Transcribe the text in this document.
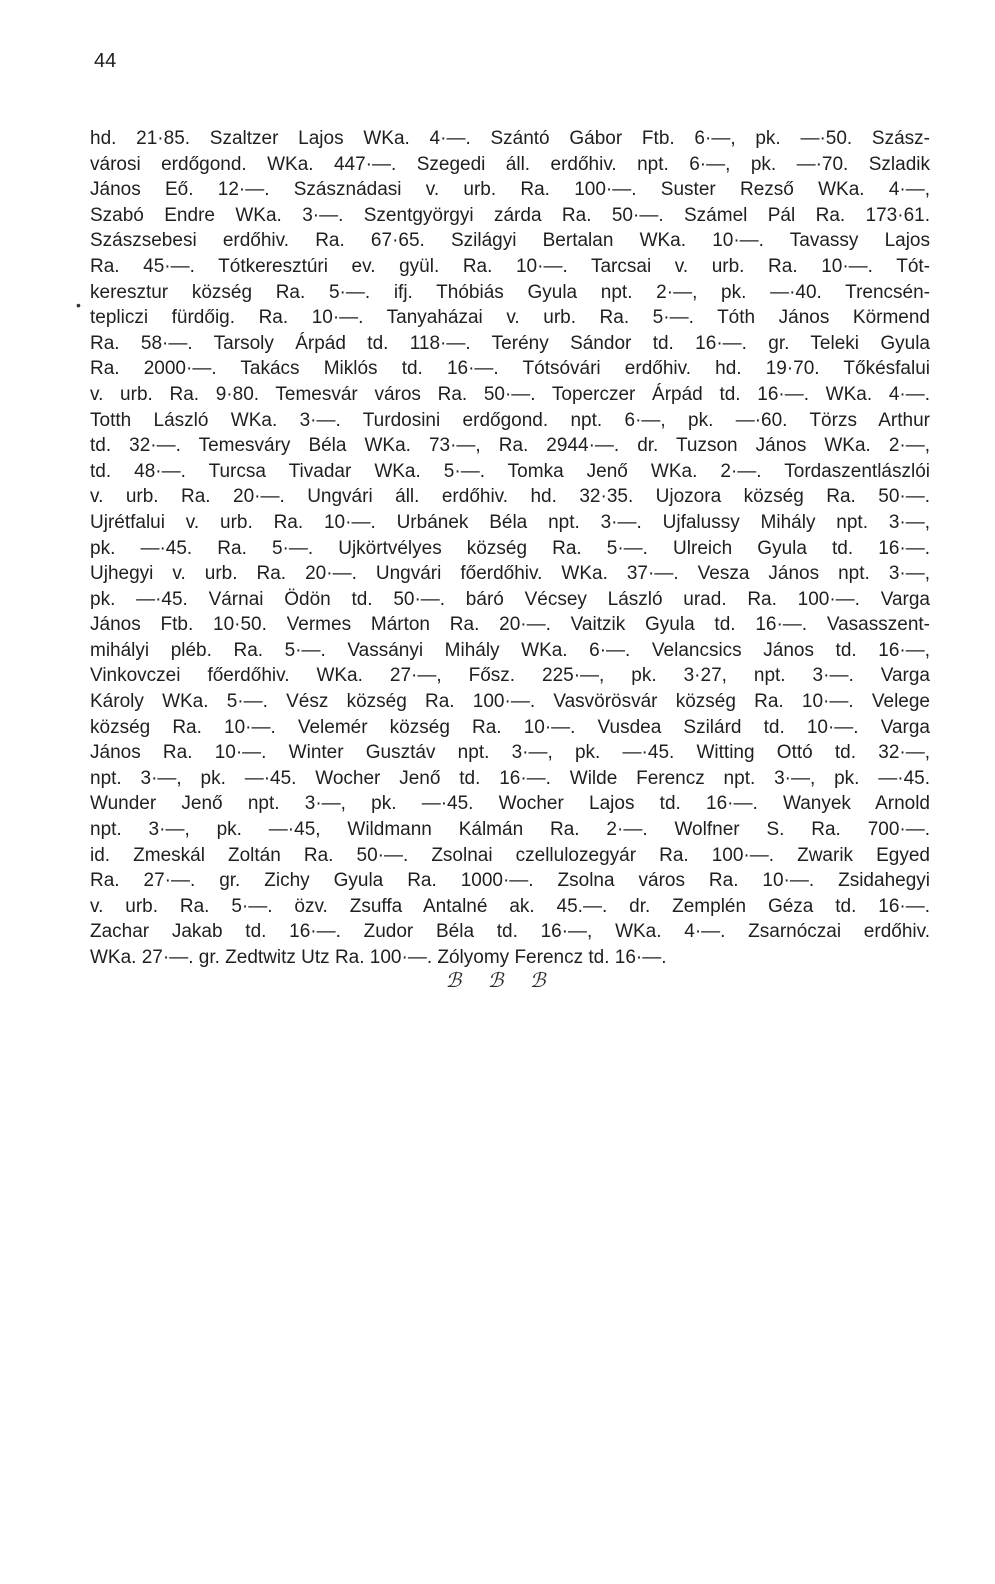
44
•
hd. 21·85. Szaltzer Lajos WKa. 4·—. Szántó Gábor Ftb. 6·—, pk. —·50. Szász-
városi erdőgond. WKa. 447·—. Szegedi áll. erdőhiv. npt. 6·—, pk. —·70. Szladik
János Eő. 12·—. Szásznádasi v. urb. Ra. 100·—. Suster Rezső WKa. 4·—,
Szabó Endre WKa. 3·—. Szentgyörgyi zárda Ra. 50·—. Számel Pál Ra. 173·61.
Szászsebesi erdőhiv. Ra. 67·65. Szilágyi Bertalan WKa. 10·—. Tavassy Lajos
Ra. 45·—. Tótkeresztúri ev. gyül. Ra. 10·—. Tarcsai v. urb. Ra. 10·—. Tót-
keresztur község Ra. 5·—. ifj. Thóbiás Gyula npt. 2·—, pk. —·40. Trencsén-
tepliczi fürdőig. Ra. 10·—. Tanyaházai v. urb. Ra. 5·—. Tóth János Körmend
Ra. 58·—. Tarsoly Árpád td. 118·—. Terény Sándor td. 16·—. gr. Teleki Gyula
Ra. 2000·—. Takács Miklós td. 16·—. Tótsóvári erdőhiv. hd. 19·70. Tőkésfalui
v. urb. Ra. 9·80. Temesvár város Ra. 50·—. Toperczer Árpád td. 16·—. WKa. 4·—.
Totth László WKa. 3·—. Turdosini erdőgond. npt. 6·—, pk. —·60. Törzs Arthur
td. 32·—. Temesváry Béla WKa. 73·—, Ra. 2944·—. dr. Tuzson János WKa. 2·—,
td. 48·—. Turcsa Tivadar WKa. 5·—. Tomka Jenő WKa. 2·—. Tordaszentlászlói
v. urb. Ra. 20·—. Ungvári áll. erdőhiv. hd. 32·35. Ujozora község Ra. 50·—.
Ujrétfalui v. urb. Ra. 10·—. Urbánek Béla npt. 3·—. Ujfalussy Mihály npt. 3·—,
pk. —·45. Ra. 5·—. Ujkörtvélyes község Ra. 5·—. Ulreich Gyula td. 16·—.
Ujhegyi v. urb. Ra. 20·—. Ungvári főerdőhiv. WKa. 37·—. Vesza János npt. 3·—,
pk. —·45. Várnai Ödön td. 50·—. báró Vécsey László urad. Ra. 100·—. Varga
János Ftb. 10·50. Vermes Márton Ra. 20·—. Vaitzik Gyula td. 16·—. Vasasszent-
mihályi pléb. Ra. 5·—. Vassányi Mihály WKa. 6·—. Velancsics János td. 16·—,
Vinkovczei főerdőhiv. WKa. 27·—, Fősz. 225·—, pk. 3·27, npt. 3·—. Varga
Károly WKa. 5·—. Vész község Ra. 100·—. Vasvörösvár község Ra. 10·—. Velege
község Ra. 10·—. Velemér község Ra. 10·—. Vusdea Szilárd td. 10·—. Varga
János Ra. 10·—. Winter Gusztáv npt. 3·—, pk. —·45. Witting Ottó td. 32·—,
npt. 3·—, pk. —·45. Wocher Jenő td. 16·—. Wilde Ferencz npt. 3·—, pk. —·45.
Wunder Jenő npt. 3·—, pk. —·45. Wocher Lajos td. 16·—. Wanyek Arnold
npt. 3·—, pk. —·45, Wildmann Kálmán Ra. 2·—. Wolfner S. Ra. 700·—.
id. Zmeskál Zoltán Ra. 50·—. Zsolnai czellulozegyár Ra. 100·—. Zwarik Egyed
Ra. 27·—. gr. Zichy Gyula Ra. 1000·—. Zsolna város Ra. 10·—. Zsidahegyi
v. urb. Ra. 5·—. özv. Zsuffa Antalné ak. 45.—. dr. Zemplén Géza td. 16·—.
Zachar Jakab td. 16·—. Zudor Béla td. 16·—, WKa. 4·—. Zsarnóczai erdőhiv.
WKa. 27·—. gr. Zedtwitz Utz Ra. 100·—. Zólyomy Ferencz td. 16·—.
ℬ ℬ ℬ
